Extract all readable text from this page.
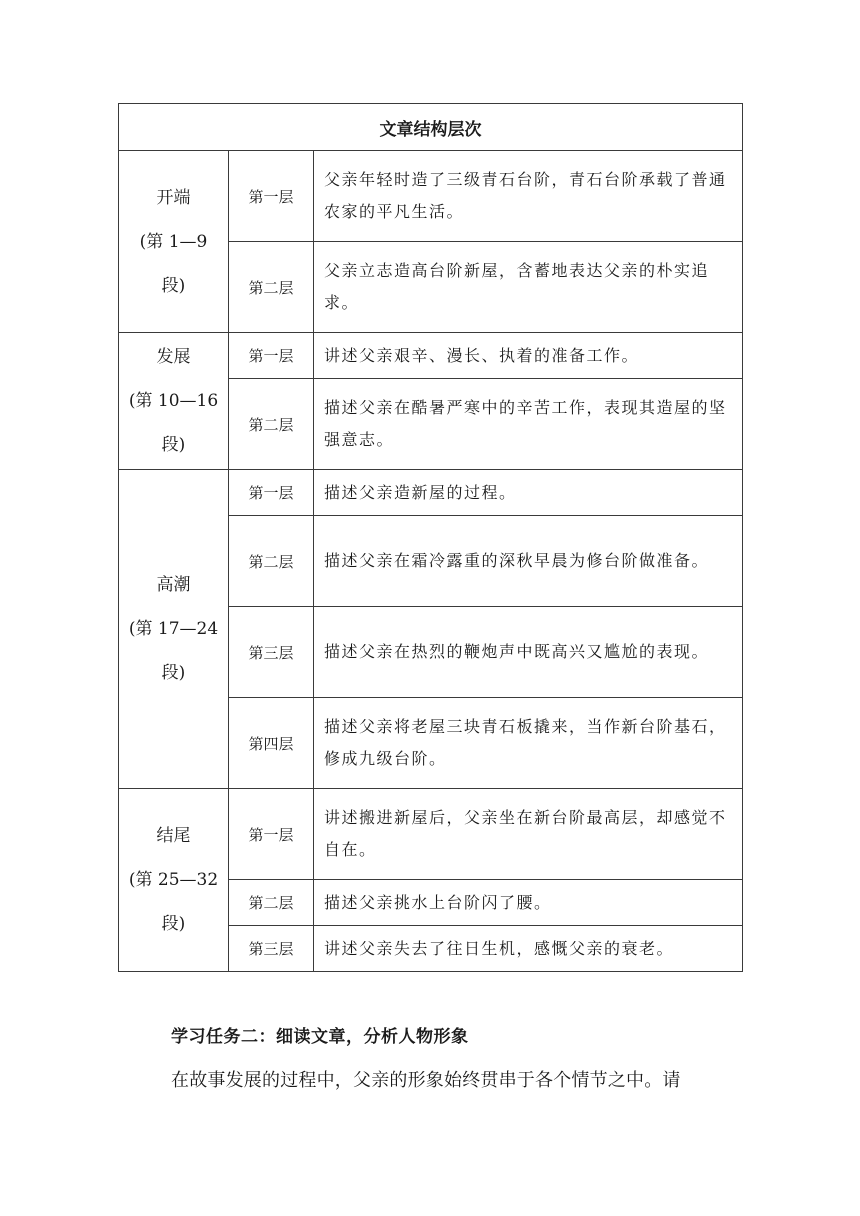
文章结构层次		

开端
(第 1—9
段)	第一层	父亲年轻时造了三级青石台阶，青石台阶承载了普通农家的平凡生活。
	第二层	父亲立志造高台阶新屋，含蓄地表达父亲的朴实追求。

发展
(第 10—16
段)	第一层	讲述父亲艰辛、漫长、执着的准备工作。
	第二层	描述父亲在酷暑严寒中的辛苦工作，表现其造屋的坚强意志。

高潮
(第 17—24
段)	第一层	描述父亲造新屋的过程。
	第二层	描述父亲在霜冷露重的深秋早晨为修台阶做准备。
	第三层	描述父亲在热烈的鞭炮声中既高兴又尴尬的表现。
	第四层	描述父亲将老屋三块青石板撬来，当作新台阶基石，修成九级台阶。

结尾
(第 25—32
段)	第一层	讲述搬进新屋后，父亲坐在新台阶最高层，却感觉不自在。
	第二层	描述父亲挑水上台阶闪了腰。
	第三层	讲述父亲失去了往日生机，感慨父亲的衰老。
学习任务二：细读文章，分析人物形象
在故事发展的过程中，父亲的形象始终贯串于各个情节之中。请
